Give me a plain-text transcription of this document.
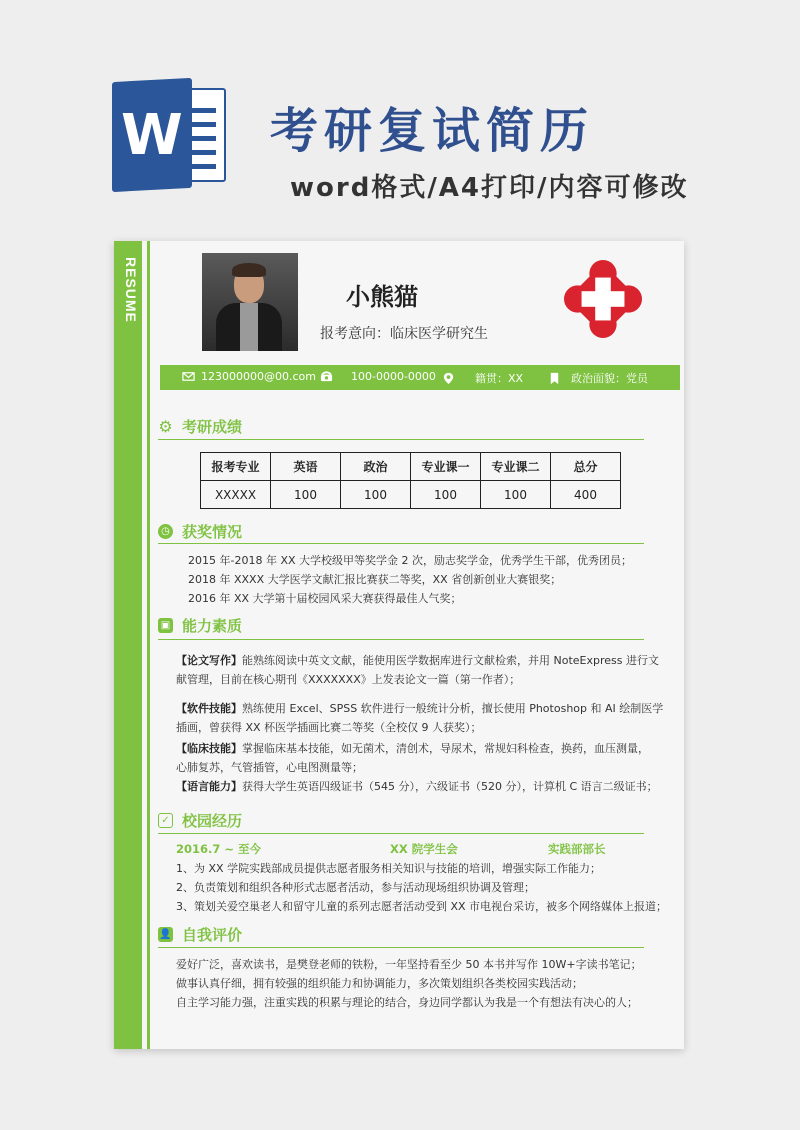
W 考研复试简历
word格式/A4打印/内容可修改
RESUME	小熊猫
报考意向：临床医学研究生
123000000@00.com	100-0000-0000	籍贯：XX	政治面貌：党员
⚙ 考研成绩
报考专业	英语	政治	专业课一	专业课二	总分
XXXXX	100	100	100	100	400
◷ 获奖情况
2015 年-2018 年 XX 大学校级甲等奖学金 2 次，励志奖学金，优秀学生干部，优秀团员；
2018 年 XXXX 大学医学文献汇报比赛获二等奖，XX 省创新创业大赛银奖；
2016 年 XX 大学第十届校园风采大赛获得最佳人气奖；
▣ 能力素质
【论文写作】能熟练阅读中英文文献，能使用医学数据库进行文献检索，并用 NoteExpress 进行文
献管理，目前在核心期刊《XXXXXXX》上发表论文一篇（第一作者）；
【软件技能】熟练使用 Excel、SPSS 软件进行一般统计分析，擅长使用 Photoshop 和 AI 绘制医学
插画，曾获得 XX 杯医学插画比赛二等奖（全校仅 9 人获奖）；
【临床技能】掌握临床基本技能，如无菌术，清创术，导尿术，常规妇科检查，换药，血压测量，
心肺复苏，气管插管，心电图测量等；
【语言能力】获得大学生英语四级证书（545 分），六级证书（520 分），计算机 C 语言二级证书；
✓ 校园经历
2016.7 ~ 至今	XX 院学生会	实践部部长
1、为 XX 学院实践部成员提供志愿者服务相关知识与技能的培训，增强实际工作能力；
2、负责策划和组织各种形式志愿者活动，参与活动现场组织协调及管理；
3、策划关爱空巢老人和留守儿童的系列志愿者活动受到 XX 市电视台采访，被多个网络媒体上报道；
👤 自我评价
爱好广泛，喜欢读书，是樊登老师的铁粉，一年坚持看至少 50 本书并写作 10W+字读书笔记；
做事认真仔细，拥有较强的组织能力和协调能力，多次策划组织各类校园实践活动；
自主学习能力强，注重实践的积累与理论的结合，身边同学都认为我是一个有想法有决心的人；
